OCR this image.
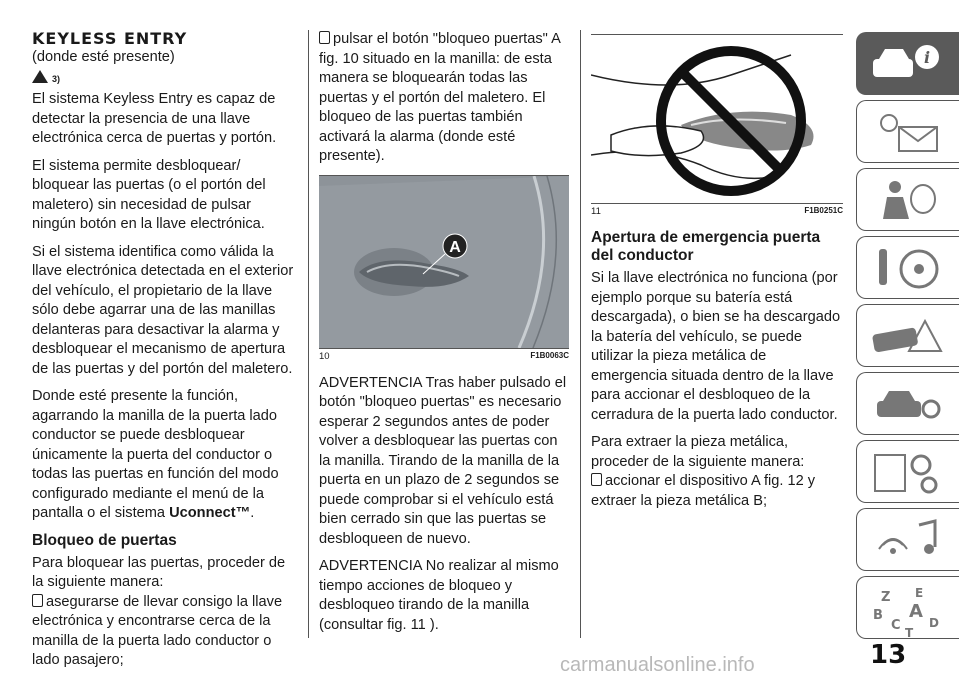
KEYLESS ENTRY
(donde esté presente)
3)

El sistema Keyless Entry es capaz de detectar la presencia de una llave electrónica cerca de puertas y portón.

El sistema permite desbloquear/ bloquear las puertas (o el portón del maletero) sin necesidad de pulsar ningún botón en la llave electrónica.

Si el sistema identifica como válida la llave electrónica detectada en el exterior del vehículo, el propietario de la llave sólo debe agarrar una de las manillas delanteras para desactivar la alarma y desbloquear el mecanismo de apertura de las puertas y del portón del maletero.

Donde esté presente la función, agarrando la manilla de la puerta lado conductor se puede desbloquear únicamente la puerta del conductor o todas las puertas en función del modo configurado mediante el menú de la pantalla o el sistema Uconnect™.

Bloqueo de puertas

Para bloquear las puertas, proceder de la siguiente manera:

asegurarse de llevar consigo la llave electrónica y encontrarse cerca de la manilla de la puerta lado conductor o lado pasajero;

pulsar el botón "bloqueo puertas" A fig. 10 situado en la manilla: de esta manera se bloquearán todas las puertas y el portón del maletero. El bloqueo de las puertas también activará la alarma (donde esté presente).

A
10	F1B0063C

ADVERTENCIA Tras haber pulsado el botón "bloqueo puertas" es necesario esperar 2 segundos antes de poder volver a desbloquear las puertas con la manilla. Tirando de la manilla de la puerta en un plazo de 2 segundos se puede comprobar si el vehículo está bien cerrado sin que las puertas se desbloqueen de nuevo.

ADVERTENCIA No realizar al mismo tiempo acciones de bloqueo y desbloqueo tirando de la manilla (consultar fig. 11 ).

11	F1B0251C
Apertura de emergencia puerta del conductor

Si la llave electrónica no funciona (por ejemplo porque su batería está descargada), o bien se ha descargado la batería del vehículo, se puede utilizar la pieza metálica de emergencia situada dentro de la llave para accionar el desbloqueo de la cerradura de la puerta lado conductor.

Para extraer la pieza metálica, proceder de la siguiente manera:

accionar el dispositivo A fig. 12 y extraer la pieza metálica B;

i
Z E
B A
C D
T
13
carmanualsonline.info
